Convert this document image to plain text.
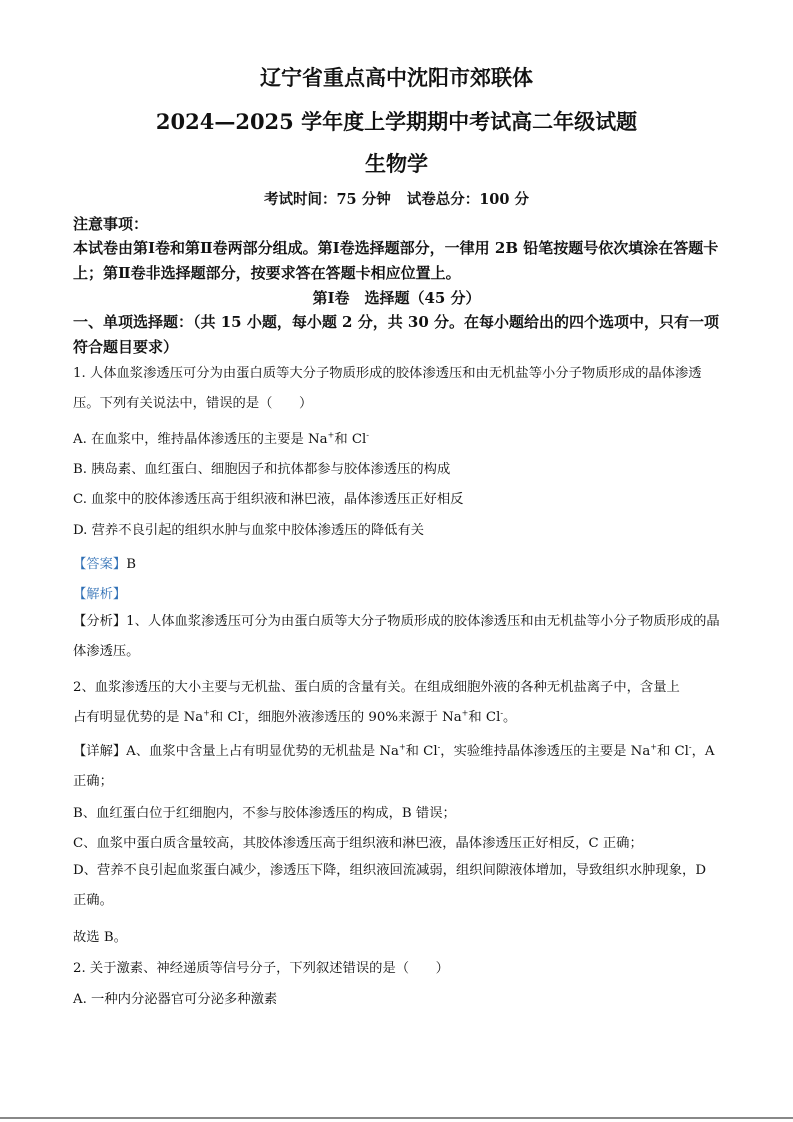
辽宁省重点高中沈阳市郊联体
2024—2025 学年度上学期期中考试高二年级试题
生物学
考试时间：75 分钟 试卷总分：100 分
注意事项：
本试卷由第Ⅰ卷和第Ⅱ卷两部分组成。第Ⅰ卷选择题部分，一律用 2B 铅笔按题号依次填涂在答题卡上；第Ⅱ卷非选择题部分，按要求答在答题卡相应位置上。
第Ⅰ卷　选择题（45 分）
一、单项选择题：（共 15 小题，每小题 2 分，共 30 分。在每小题给出的四个选项中，只有一项符合题目要求）
1. 人体血浆渗透压可分为由蛋白质等大分子物质形成的胶体渗透压和由无机盐等小分子物质形成的晶体渗透压。下列有关说法中，错误的是（　　）
A. 在血浆中，维持晶体渗透压的主要是 Na+和 Cl-
B. 胰岛素、血红蛋白、细胞因子和抗体都参与胶体渗透压的构成
C. 血浆中的胶体渗透压高于组织液和淋巴液，晶体渗透压正好相反
D. 营养不良引起的组织水肿与血浆中胶体渗透压的降低有关
【答案】B
【解析】
【分析】1、人体血浆渗透压可分为由蛋白质等大分子物质形成的胶体渗透压和由无机盐等小分子物质形成的晶体渗透压。
2、血浆渗透压的大小主要与无机盐、蛋白质的含量有关。在组成细胞外液的各种无机盐离子中，含量上
占有明显优势的是 Na+和 Cl-，细胞外液渗透压的 90%来源于 Na+和 Cl-。
【详解】A、血浆中含量上占有明显优势的无机盐是 Na+和 Cl-，实验维持晶体渗透压的主要是 Na+和 Cl-，A
正确；
B、血红蛋白位于红细胞内，不参与胶体渗透压的构成，B 错误；
C、血浆中蛋白质含量较高，其胶体渗透压高于组织液和淋巴液，晶体渗透压正好相反，C 正确；
D、营养不良引起血浆蛋白减少，渗透压下降，组织液回流减弱，组织间隙液体增加，导致组织水肿现象，D 正确。
故选 B。
2. 关于激素、神经递质等信号分子，下列叙述错误的是（　　）
A. 一种内分泌器官可分泌多种激素
